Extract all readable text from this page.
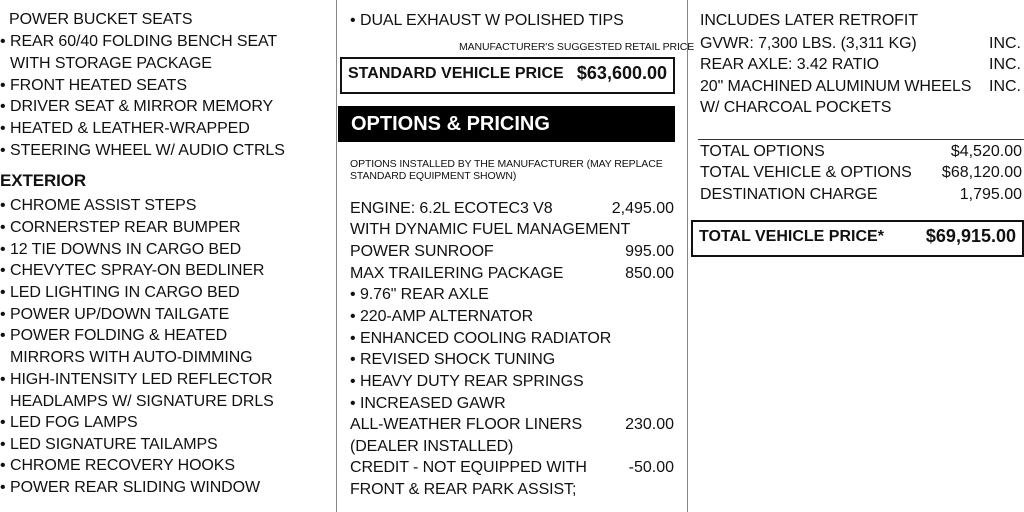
POWER BUCKET SEATS
• REAR 60/40 FOLDING BENCH SEAT
WITH STORAGE PACKAGE
• FRONT HEATED SEATS
• DRIVER SEAT & MIRROR MEMORY
• HEATED & LEATHER-WRAPPED
• STEERING WHEEL W/ AUDIO CTRLS
EXTERIOR
• CHROME ASSIST STEPS
• CORNERSTEP REAR BUMPER
• 12 TIE DOWNS IN CARGO BED
• CHEVYTEC SPRAY-ON BEDLINER
• LED LIGHTING IN CARGO BED
• POWER UP/DOWN TAILGATE
• POWER FOLDING & HEATED
MIRRORS WITH AUTO-DIMMING
• HIGH-INTENSITY LED REFLECTOR
HEADLAMPS W/ SIGNATURE DRLS
• LED FOG LAMPS
• LED SIGNATURE TAILAMPS
• CHROME RECOVERY HOOKS
• POWER REAR SLIDING WINDOW
• DUAL EXHAUST W POLISHED TIPS
MANUFACTURER'S SUGGESTED RETAIL PRICE
STANDARD VEHICLE PRICE $63,600.00
OPTIONS & PRICING
OPTIONS INSTALLED BY THE MANUFACTURER (MAY REPLACE
STANDARD EQUIPMENT SHOWN)
ENGINE: 6.2L ECOTEC3 V8	2,495.00
WITH DYNAMIC FUEL MANAGEMENT
POWER SUNROOF	995.00
MAX TRAILERING PACKAGE	850.00
• 9.76" REAR AXLE
• 220-AMP ALTERNATOR
• ENHANCED COOLING RADIATOR
• REVISED SHOCK TUNING
• HEAVY DUTY REAR SPRINGS
• INCREASED GAWR
ALL-WEATHER FLOOR LINERS	230.00
(DEALER INSTALLED)
CREDIT - NOT EQUIPPED WITH	-50.00
FRONT & REAR PARK ASSIST;
INCLUDES LATER RETROFIT
GVWR: 7,300 LBS. (3,311 KG)	INC.
REAR AXLE: 3.42 RATIO	INC.
20" MACHINED ALUMINUM WHEELS INC.
W/ CHARCOAL POCKETS
TOTAL OPTIONS	$4,520.00
TOTAL VEHICLE & OPTIONS $68,120.00
DESTINATION CHARGE	1,795.00
TOTAL VEHICLE PRICE* $69,915.00
